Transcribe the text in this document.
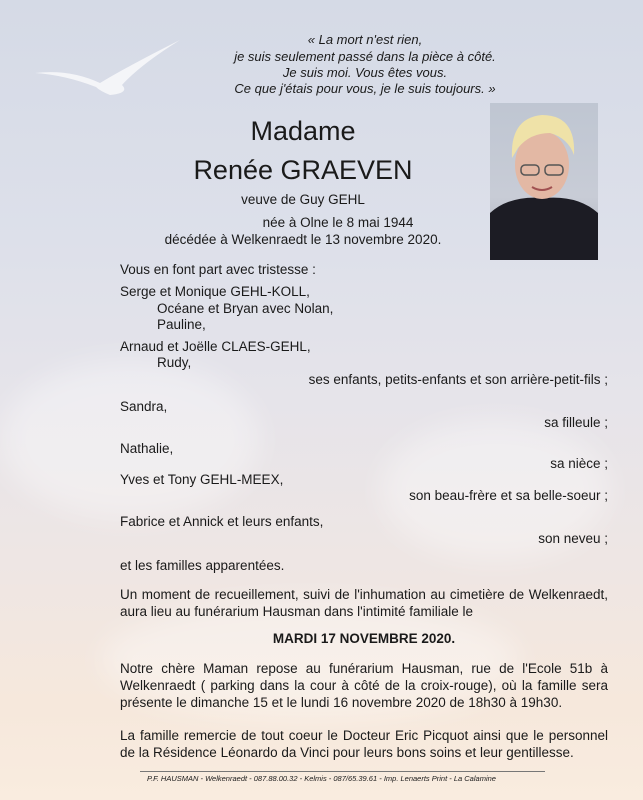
« La mort n'est rien,
je suis seulement passé dans la pièce à côté.
Je suis moi. Vous êtes vous.
Ce que j'étais pour vous, je le suis toujours. »
Madame
Renée GRAEVEN
veuve de Guy GEHL
née à Olne le 8 mai 1944
décédée à Welkenraedt le 13 novembre 2020.
Vous en font part avec tristesse :
Serge et Monique GEHL-KOLL,
Océane et Bryan avec Nolan,
Pauline,
Arnaud et Joëlle CLAES-GEHL,
Rudy,
ses enfants, petits-enfants et son arrière-petit-fils ;
Sandra,
sa filleule ;
Nathalie,
sa nièce ;
Yves et Tony GEHL-MEEX,
son beau-frère et sa belle-soeur ;
Fabrice et Annick et leurs enfants,
son neveu ;
et les familles apparentées.
Un moment de recueillement, suivi de l'inhumation au cimetière de Welkenraedt, aura lieu au funérarium Hausman dans l'intimité familiale le
MARDI 17 NOVEMBRE 2020.
Notre chère Maman repose au funérarium Hausman, rue de l'Ecole 51b à Welkenraedt ( parking dans la cour à côté de la croix-rouge), où la famille sera présente le dimanche 15 et le lundi 16 novembre 2020 de 18h30 à 19h30.
La famille remercie de tout coeur le Docteur Eric Picquot ainsi que le personnel de la Résidence Léonardo da Vinci pour leurs bons soins et leur gentillesse.
P.F. HAUSMAN - Welkenraedt - 087.88.00.32 - Kelmis - 087/65.39.61 - Imp. Lenaerts Print - La Calamine
